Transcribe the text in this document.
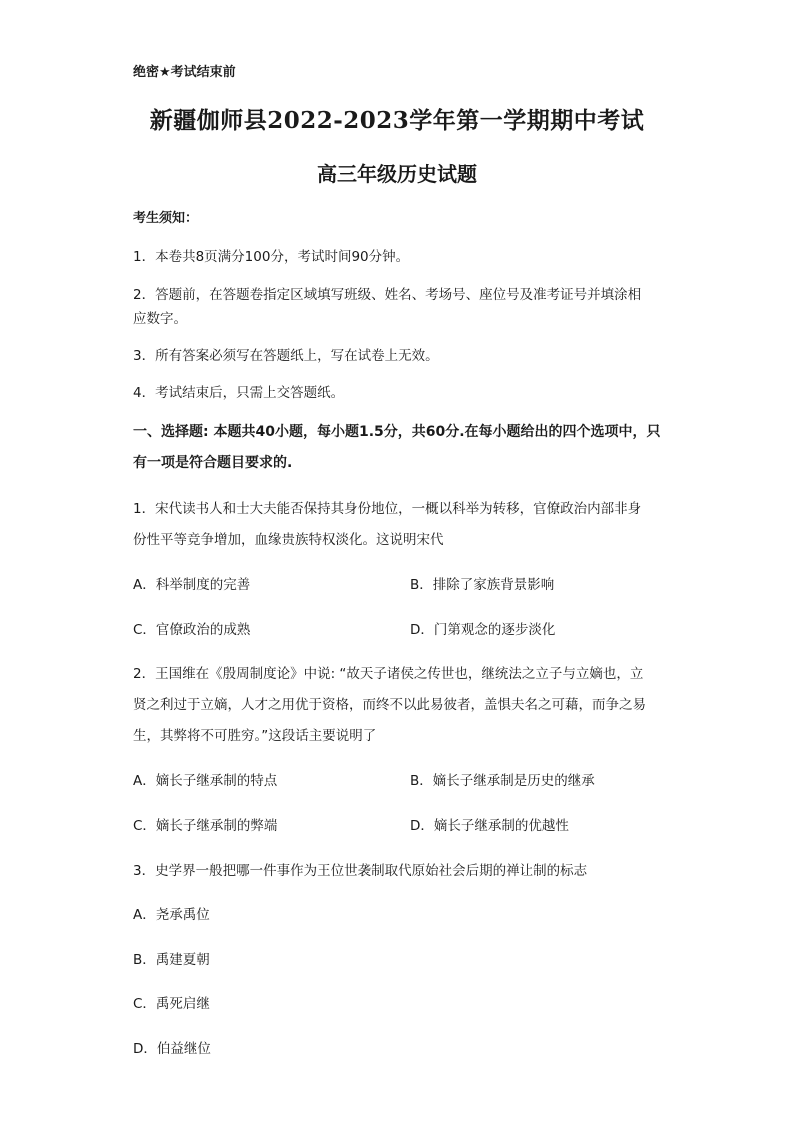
绝密★考试结束前
新疆伽师县2022-2023学年第一学期期中考试
高三年级历史试题
考生须知：
1．本卷共8页满分100分，考试时间90分钟。
2．答题前，在答题卷指定区域填写班级、姓名、考场号、座位号及准考证号并填涂相
应数字。
3．所有答案必须写在答题纸上，写在试卷上无效。
4．考试结束后，只需上交答题纸。
一、选择题: 本题共40小题，每小题1.5分，共60分.在每小题给出的四个选项中，只
有一项是符合题目要求的.
1．宋代读书人和士大夫能否保持其身份地位，一概以科举为转移，官僚政治内部非身
份性平等竞争增加，血缘贵族特权淡化。这说明宋代
A．科举制度的完善	B．排除了家族背景影响
C．官僚政治的成熟	D．门第观念的逐步淡化
2．王国维在《殷周制度论》中说: “故天子诸侯之传世也，继统法之立子与立嫡也，立
贤之利过于立嫡，人才之用优于资格，而终不以此易彼者，盖惧夫名之可藉，而争之易
生，其弊将不可胜穷。”这段话主要说明了
A．嫡长子继承制的特点	B．嫡长子继承制是历史的继承
C．嫡长子继承制的弊端	D．嫡长子继承制的优越性
3．史学界一般把哪一件事作为王位世袭制取代原始社会后期的禅让制的标志
A．尧承禹位
B．禹建夏朝
C．禹死启继
D．伯益继位
